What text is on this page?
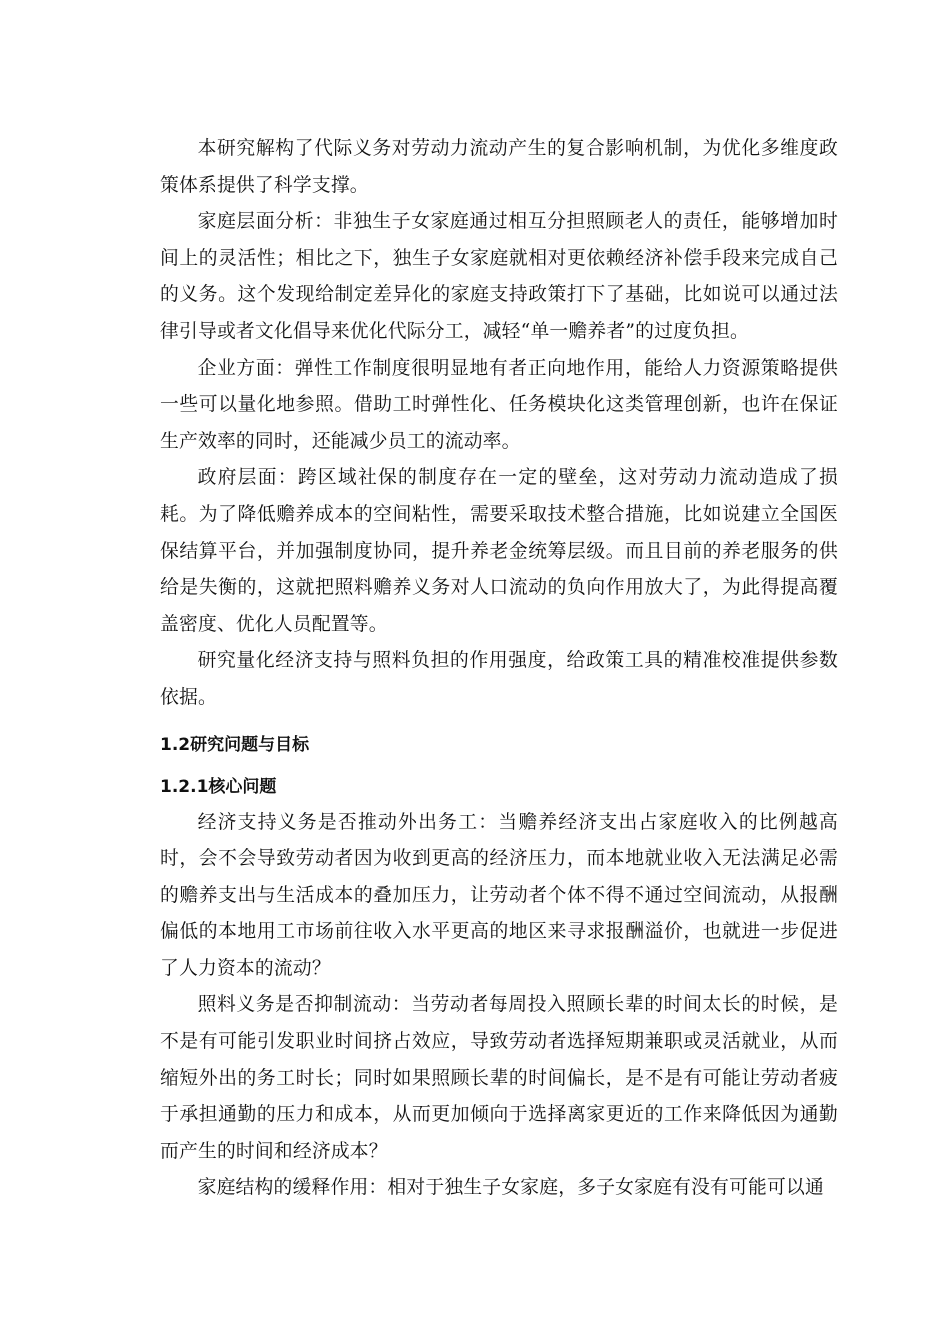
本研究解构了代际义务对劳动力流动产生的复合影响机制，为优化多维度政策体系提供了科学支撑。

家庭层面分析：非独生子女家庭通过相互分担照顾老人的责任，能够增加时间上的灵活性；相比之下，独生子女家庭就相对更依赖经济补偿手段来完成自己的义务。这个发现给制定差异化的家庭支持政策打下了基础，比如说可以通过法律引导或者文化倡导来优化代际分工，减轻“单一赡养者”的过度负担。

企业方面：弹性工作制度很明显地有者正向地作用，能给人力资源策略提供一些可以量化地参照。借助工时弹性化、任务模块化这类管理创新，也许在保证生产效率的同时，还能减少员工的流动率。

政府层面：跨区域社保的制度存在一定的壁垒，这对劳动力流动造成了损耗。为了降低赡养成本的空间粘性，需要采取技术整合措施，比如说建立全国医保结算平台，并加强制度协同，提升养老金统筹层级。而且目前的养老服务的供给是失衡的，这就把照料赡养义务对人口流动的负向作用放大了，为此得提高覆盖密度、优化人员配置等。

研究量化经济支持与照料负担的作用强度，给政策工具的精准校准提供参数依据。

1.2研究问题与目标
1.2.1核心问题

经济支持义务是否推动外出务工：当赡养经济支出占家庭收入的比例越高时，会不会导致劳动者因为收到更高的经济压力，而本地就业收入无法满足必需的赡养支出与生活成本的叠加压力，让劳动者个体不得不通过空间流动，从报酬偏低的本地用工市场前往收入水平更高的地区来寻求报酬溢价，也就进一步促进了人力资本的流动？

照料义务是否抑制流动：当劳动者每周投入照顾长辈的时间太长的时候，是不是有可能引发职业时间挤占效应，导致劳动者选择短期兼职或灵活就业，从而缩短外出的务工时长；同时如果照顾长辈的时间偏长，是不是有可能让劳动者疲于承担通勤的压力和成本，从而更加倾向于选择离家更近的工作来降低因为通勤而产生的时间和经济成本？

家庭结构的缓释作用：相对于独生子女家庭，多子女家庭有没有可能可以通
